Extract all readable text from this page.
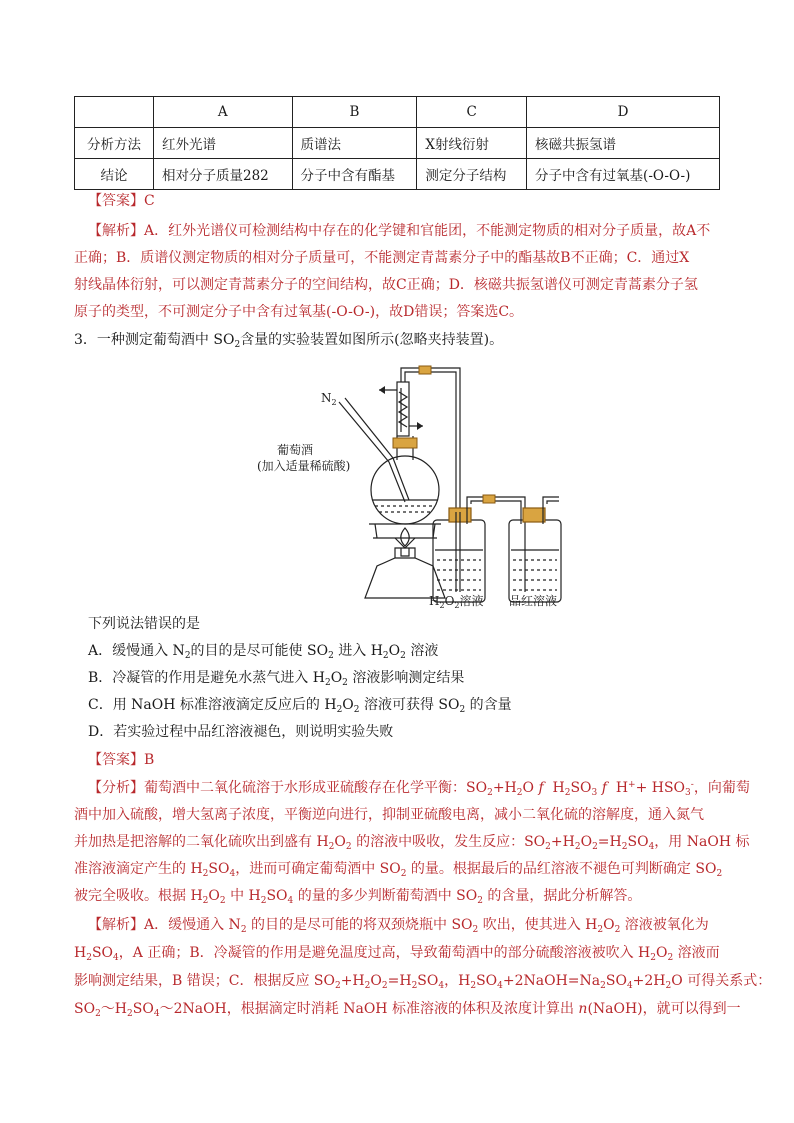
	A	B	C	D
分析方法	红外光谱	质谱法	X射线衍射	核磁共振氢谱
结论	相对分子质量282	分子中含有酯基	测定分子结构	分子中含有过氧基(-O-O-)
【答案】C
【解析】A．红外光谱仪可检测结构中存在的化学键和官能团，不能测定物质的相对分子质量，故A不
正确；B．质谱仪测定物质的相对分子质量可，不能测定青蒿素分子中的酯基故B不正确；C．通过X
射线晶体衍射，可以测定青蒿素分子的空间结构，故C正确；D．核磁共振氢谱仪可测定青蒿素分子氢
原子的类型，不可测定分子中含有过氧基(-O-O-)，故D错误；答案选C。
3．一种测定葡萄酒中 $SO_2$含量的实验装置如图所示(忽略夹持装置)。
$N_2$
葡萄酒
(加入适量稀硫酸)
$H_2O_2$溶液 品红溶液
下列说法错误的是
A．缓慢通入 $N_2$的目的是尽可能使 $SO_2$ 进入 $H_2O_2$ 溶液
B．冷凝管的作用是避免水蒸气进入 $H_2O_2$ 溶液影响测定结果
C．用 NaOH 标准溶液滴定反应后的 $H_2O_2$ 溶液可获得 $SO_2$ 的含量
D．若实验过程中品红溶液褪色，则说明实验失败
【答案】B
【分析】葡萄酒中二氧化硫溶于水形成亚硫酸存在化学平衡：$SO_2+H_2O$ f  $H_2SO_3$ f  $H^++ HSO_3^-$，向葡萄
酒中加入硫酸，增大氢离子浓度，平衡逆向进行，抑制亚硫酸电离，减小二氧化硫的溶解度，通入氮气
并加热是把溶解的二氧化硫吹出到盛有 $H_2O_2$ 的溶液中吸收，发生反应：$SO_2+H_2O_2=H_2SO_4$，用 NaOH 标
准溶液滴定产生的 $H_2SO_4$，进而可确定葡萄酒中 $SO_2$ 的量。根据最后的品红溶液不褪色可判断确定 $SO_2$
被完全吸收。根据 $H_2O_2$ 中 $H_2SO_4$ 的量的多少判断葡萄酒中 $SO_2$ 的含量，据此分析解答。
【解析】A．缓慢通入 $N_2$ 的目的是尽可能的将双颈烧瓶中 $SO_2$ 吹出，使其进入 $H_2O_2$ 溶液被氧化为
$H_2SO_4$，A 正确；B．冷凝管的作用是避免温度过高，导致葡萄酒中的部分硫酸溶液被吹入 $H_2O_2$ 溶液而
影响测定结果，B 错误；C．根据反应 $SO_2+H_2O_2=H_2SO_4$，$H_2SO_4+2NaOH=Na_2SO_4+2H_2O$ 可得关系式：
$SO_2\sim H_2SO_4\sim 2NaOH$，根据滴定时消耗 NaOH 标准溶液的体积及浓度计算出 n(NaOH)，就可以得到一
